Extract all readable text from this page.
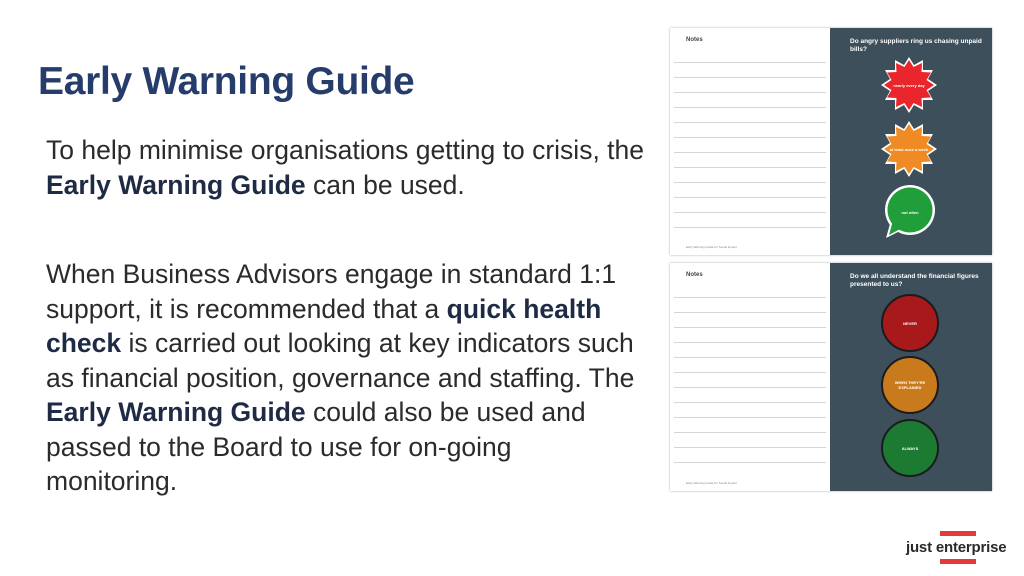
Early Warning Guide

To help minimise organisations getting to crisis, the Early Warning Guide can be used.

When Business Advisors engage in standard 1:1 support, it is recommended that a quick health check is carried out looking at key indicators such as financial position, governance and staffing. The Early Warning Guide could also be used and passed to the Board to use for on-going monitoring.

Notes
Early Warning Guide for Social Impact
Do angry suppliers ring us chasing unpaid bills?
nearly every day
at least once a week
not often
Notes
Early Warning Guide for Social Impact
Do we all understand the financial figures presented to us?
NEVER
WHEN THEY'RE EXPLAINED
ALWAYS
just enterprise
